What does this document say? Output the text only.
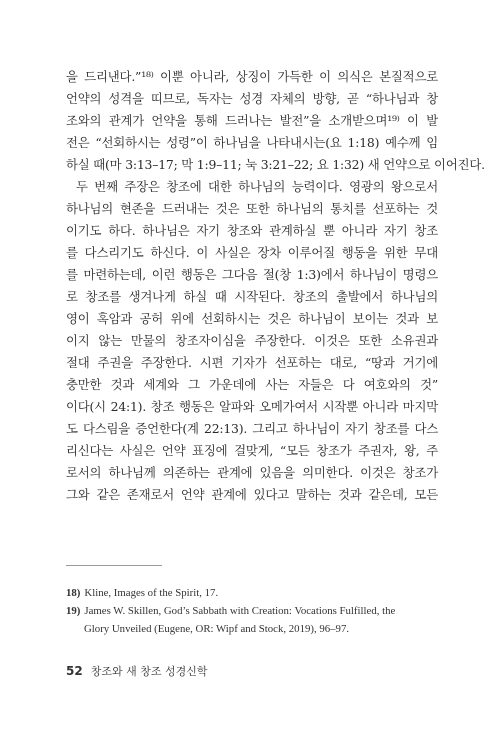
을 드리낸다.”¹⁸⁾ 이뿐 아니라, 상징이 가득한 이 의식은 본질적으로
언약의 성격을 띠므로, 독자는 성경 자체의 방향, 곧 “하나님과 창
조와의 관계가 언약을 통해 드러나는 발전”을 소개받으며¹⁹⁾ 이 발
전은 “선회하시는 성령”이 하나님을 나타내시는(요 1:18) 예수께 임
하실 때(마 3:13–17; 막 1:9–11; 눅 3:21–22; 요 1:32) 새 언약으로 이어진다.
두 번째 주장은 창조에 대한 하나님의 능력이다. 영광의 왕으로서
하나님의 현존을 드러내는 것은 또한 하나님의 통치를 선포하는 것
이기도 하다. 하나님은 자기 창조와 관계하실 뿐 아니라 자기 창조
를 다스리기도 하신다. 이 사실은 장차 이루어질 행동을 위한 무대
를 마련하는데, 이런 행동은 그다음 절(창 1:3)에서 하나님이 명령으
로 창조를 생겨나게 하실 때 시작된다. 창조의 출발에서 하나님의
영이 혹암과 공허 위에 선회하시는 것은 하나님이 보이는 것과 보
이지 않는 만물의 창조자이심을 주장한다. 이것은 또한 소유권과
절대 주권을 주장한다. 시편 기자가 선포하는 대로, “땅과 거기에
충만한 것과 세계와 그 가운데에 사는 자들은 다 여호와의 것”
이다(시 24:1). 창조 행동은 알파와 오메가여서 시작뿐 아니라 마지막
도 다스림을 증언한다(계 22:13). 그리고 하나님이 자기 창조를 다스
리신다는 사실은 언약 표징에 걸맞게, “모든 창조가 주권자, 왕, 주
로서의 하나님께 의존하는 관계에 있음을 의미한다. 이것은 창조가
그와 같은 존재로서 언약 관계에 있다고 말하는 것과 같은데, 모든
18) Kline, Images of the Spirit, 17.
19) James W. Skillen, God’s Sabbath with Creation: Vocations Fulfilled, the
Glory Unveiled (Eugene, OR: Wipf and Stock, 2019), 96–97.
52 창조와 새 창조 성경신학
